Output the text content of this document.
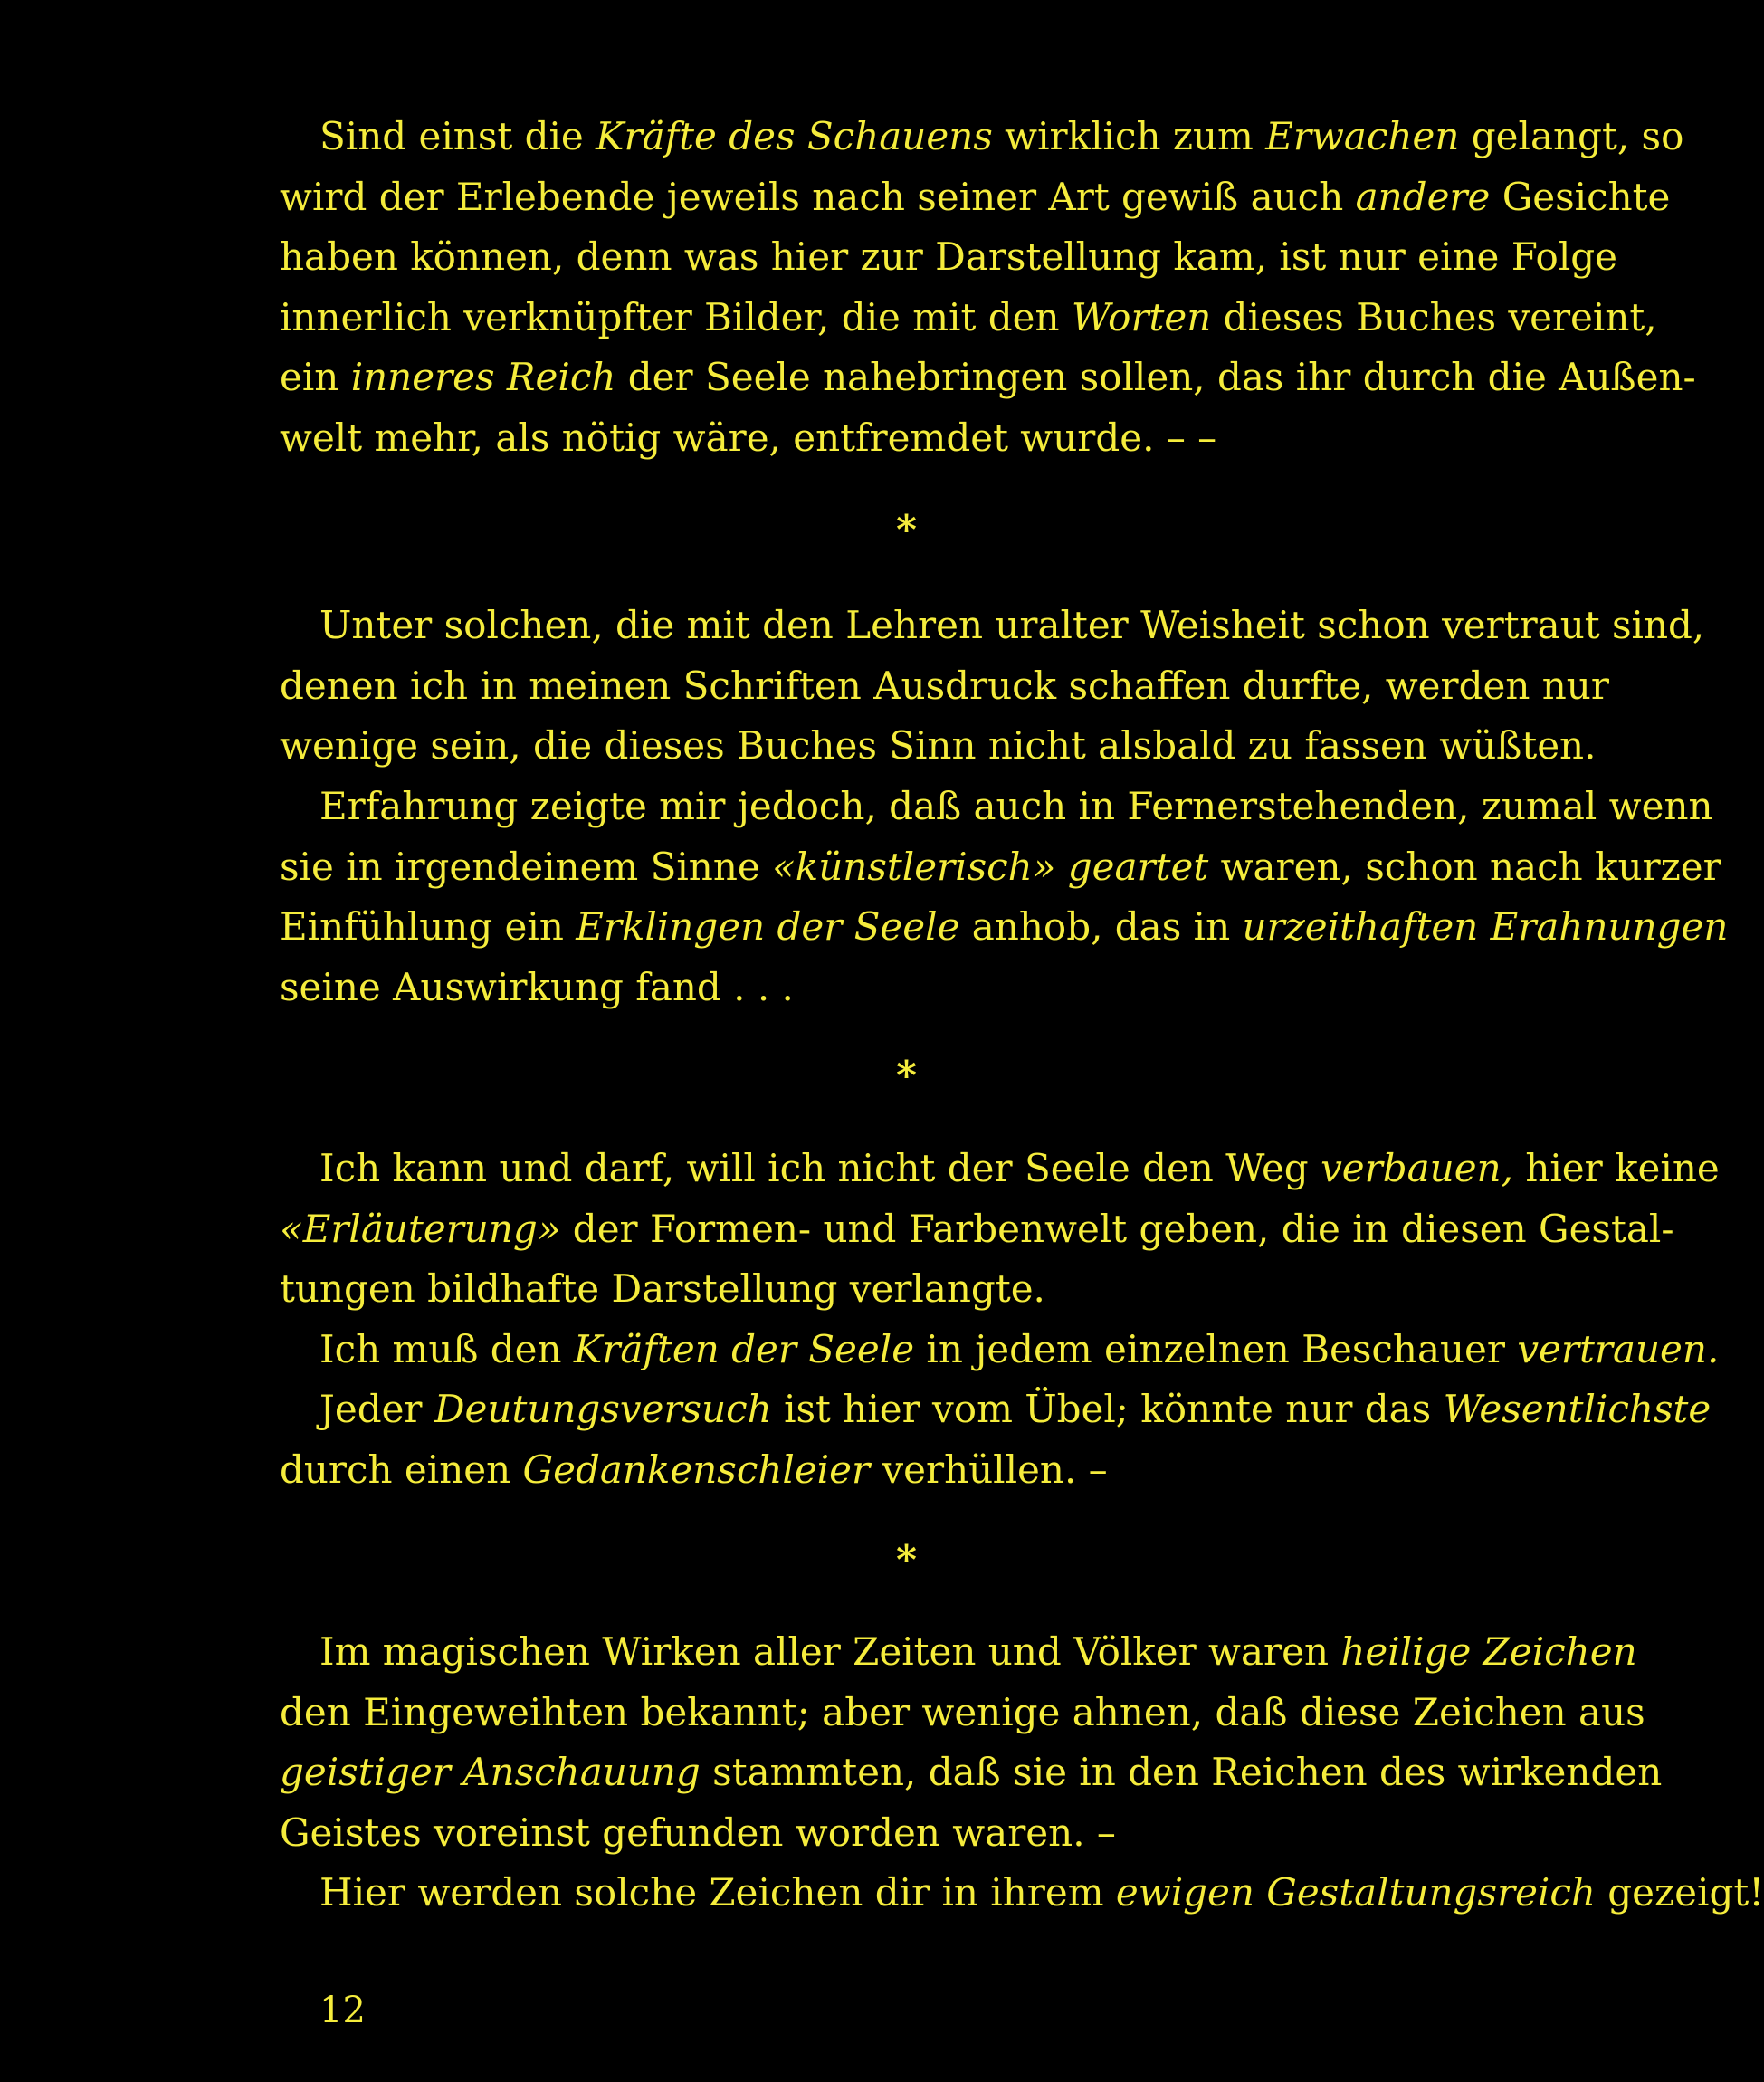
Sind einst die Kräfte des Schauens wirklich zum Erwachen gelangt, so
wird der Erlebende jeweils nach seiner Art gewiß auch andere Gesichte
haben können, denn was hier zur Darstellung kam, ist nur eine Folge
innerlich verknüpfter Bilder, die mit den Worten dieses Buches vereint,
ein inneres Reich der Seele nahebringen sollen, das ihr durch die Außen-
welt mehr, als nötig wäre, entfremdet wurde. – –
*
Unter solchen, die mit den Lehren uralter Weisheit schon vertraut sind,
denen ich in meinen Schriften Ausdruck schaffen durfte, werden nur
wenige sein, die dieses Buches Sinn nicht alsbald zu fassen wüßten.
Erfahrung zeigte mir jedoch, daß auch in Fernerstehenden, zumal wenn
sie in irgendeinem Sinne «künstlerisch» geartet waren, schon nach kurzer
Einfühlung ein Erklingen der Seele anhob, das in urzeithaften Erahnungen
seine Auswirkung fand . . .
*
Ich kann und darf, will ich nicht der Seele den Weg verbauen, hier keine
«Erläuterung» der Formen- und Farbenwelt geben, die in diesen Gestal-
tungen bildhafte Darstellung verlangte.
Ich muß den Kräften der Seele in jedem einzelnen Beschauer vertrauen.
Jeder Deutungsversuch ist hier vom Übel; könnte nur das Wesentlichste
durch einen Gedankenschleier verhüllen. –
*
Im magischen Wirken aller Zeiten und Völker waren heilige Zeichen
den Eingeweihten bekannt; aber wenige ahnen, daß diese Zeichen aus
geistiger Anschauung stammten, daß sie in den Reichen des wirkenden
Geistes voreinst gefunden worden waren. –
Hier werden solche Zeichen dir in ihrem ewigen Gestaltungsreich gezeigt!
12
